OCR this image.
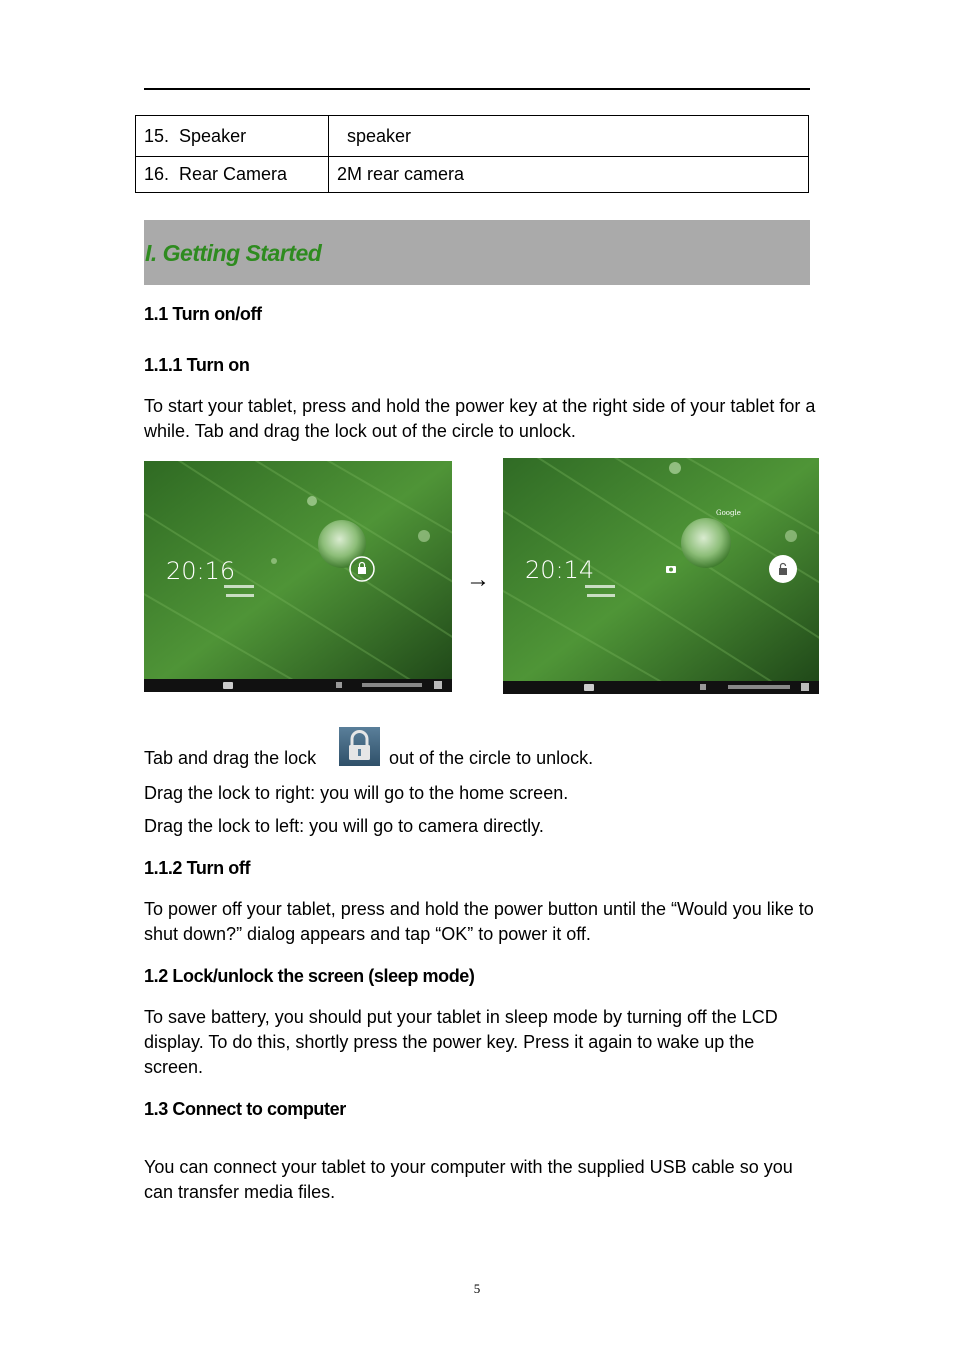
15.  Speaker	speaker
16.  Rear Camera	2M rear camera
I. Getting Started
1.1 Turn on/off
1.1.1 Turn on
To start your tablet, press and hold the power key at the right side of your tablet for a while. Tab and drag the lock out of the circle to unlock.
20:16	→
Google
20:14
Tab and drag the lock	out of the circle to unlock.
Drag the lock to right: you will go to the home screen.
Drag the lock to left: you will go to camera directly.
1.1.2 Turn off
To power off your tablet, press and hold the power button until the “Would you like to shut down?” dialog appears and tap “OK” to power it off.
1.2 Lock/unlock the screen (sleep mode)
To save battery, you should put your tablet in sleep mode by turning off the LCD display. To do this, shortly press the power key. Press it again to wake up the screen.
1.3 Connect to computer
You can connect your tablet to your computer with the supplied USB cable so you can transfer media files.
5
